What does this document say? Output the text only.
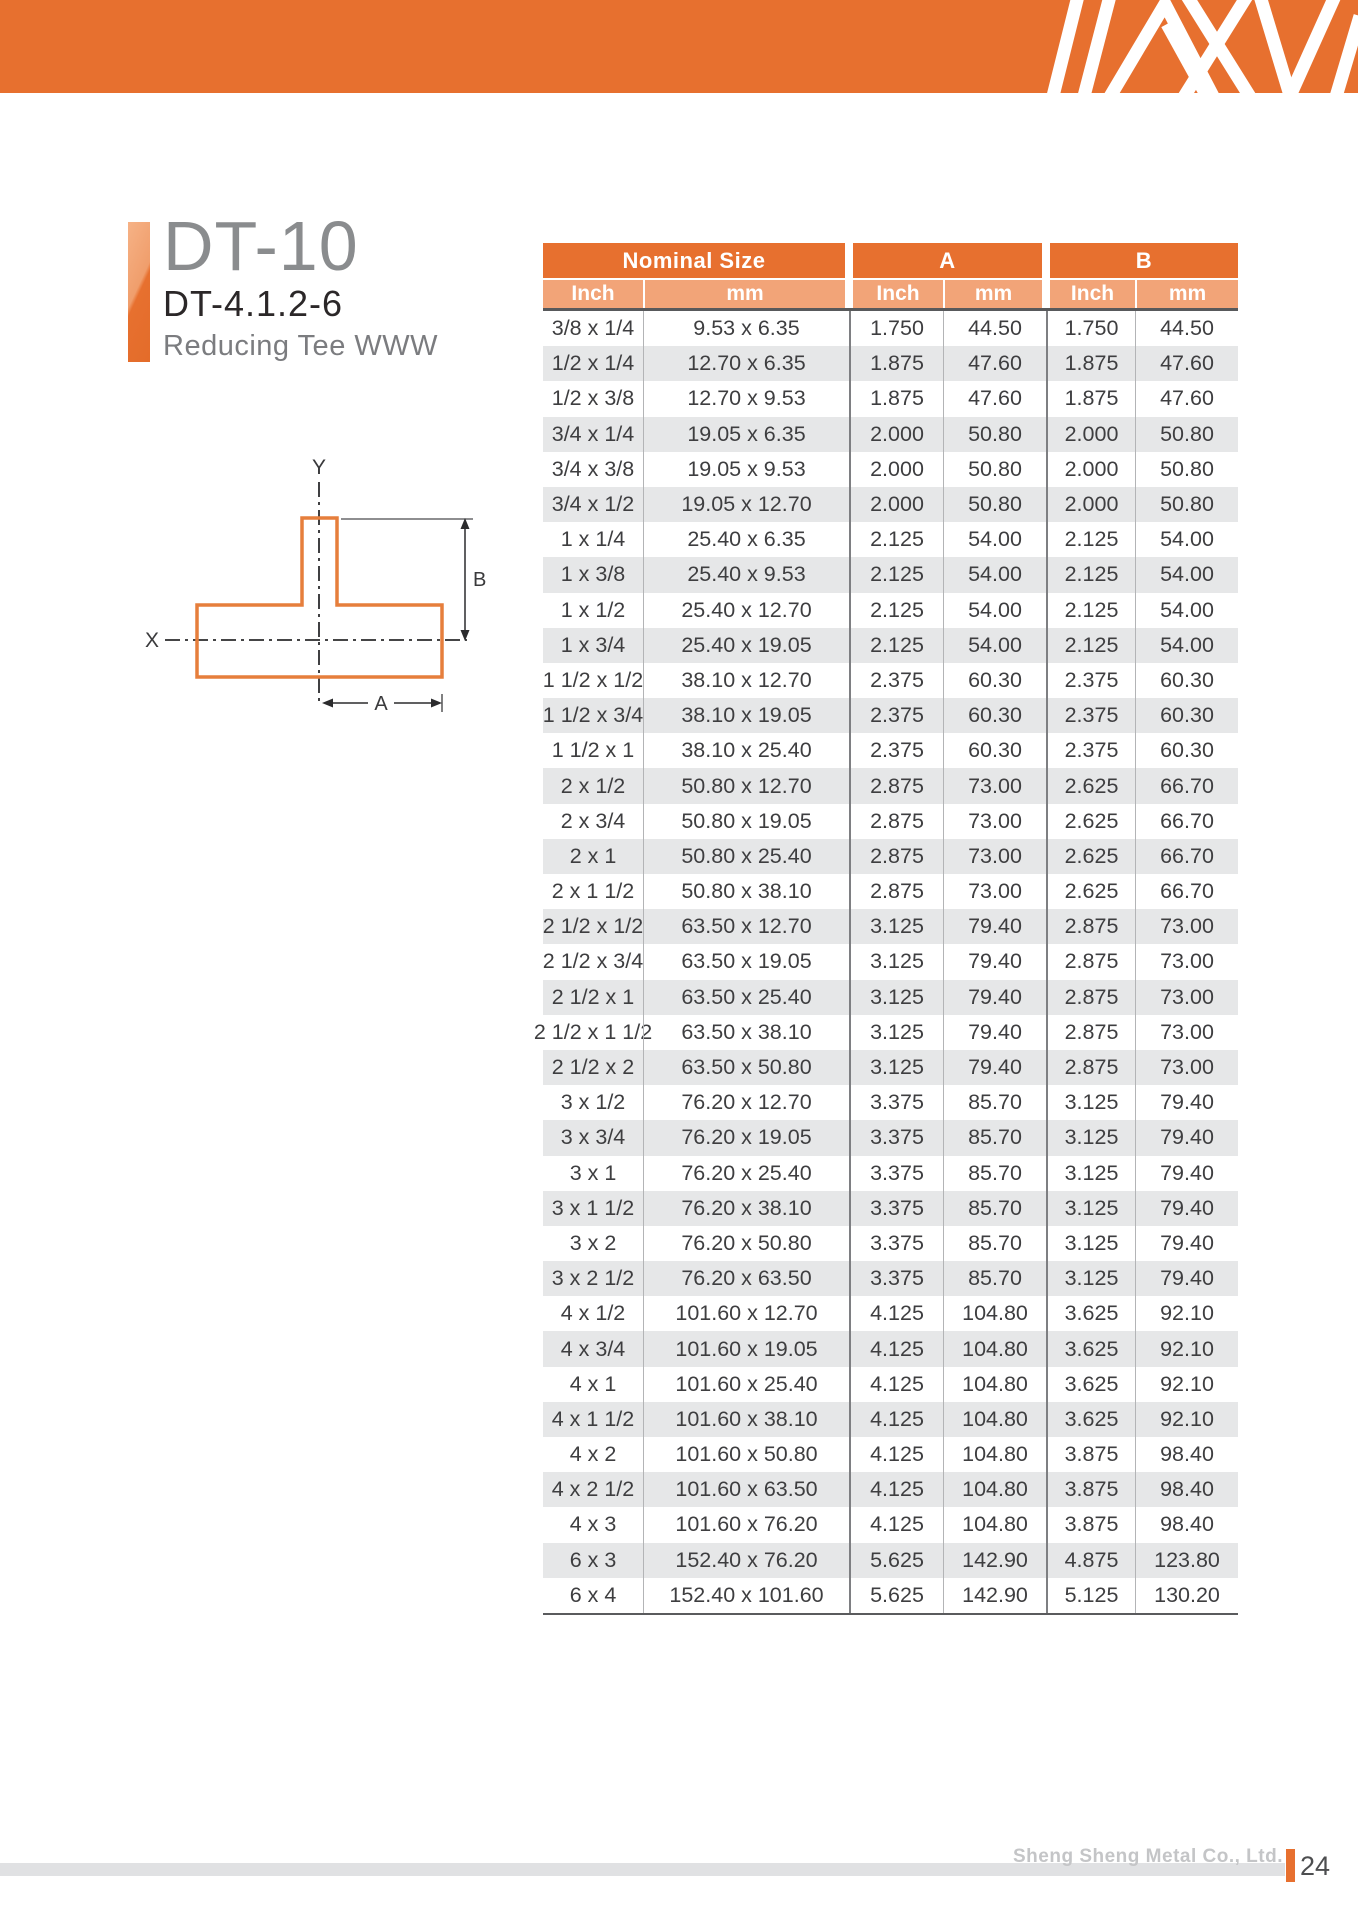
DT-10
DT-4.1.2-6
Reducing Tee WWW
Y
X
B
A
Nominal Size	A	B
Inch	mm	Inch	mm	Inch	mm
3/8 x 1/4	9.53 x 6.35	1.750	44.50	1.750	44.50
1/2 x 1/4	12.70 x 6.35	1.875	47.60	1.875	47.60
1/2 x 3/8	12.70 x 9.53	1.875	47.60	1.875	47.60
3/4 x 1/4	19.05 x 6.35	2.000	50.80	2.000	50.80
3/4 x 3/8	19.05 x 9.53	2.000	50.80	2.000	50.80
3/4 x 1/2	19.05 x 12.70	2.000	50.80	2.000	50.80
1 x 1/4	25.40 x 6.35	2.125	54.00	2.125	54.00
1 x 3/8	25.40 x 9.53	2.125	54.00	2.125	54.00
1 x 1/2	25.40 x 12.70	2.125	54.00	2.125	54.00
1 x 3/4	25.40 x 19.05	2.125	54.00	2.125	54.00
1 1/2 x 1/2	38.10 x 12.70	2.375	60.30	2.375	60.30
1 1/2 x 3/4	38.10 x 19.05	2.375	60.30	2.375	60.30
1 1/2 x 1	38.10 x 25.40	2.375	60.30	2.375	60.30
2 x 1/2	50.80 x 12.70	2.875	73.00	2.625	66.70
2 x 3/4	50.80 x 19.05	2.875	73.00	2.625	66.70
2 x 1	50.80 x 25.40	2.875	73.00	2.625	66.70
2 x 1 1/2	50.80 x 38.10	2.875	73.00	2.625	66.70
2 1/2 x 1/2	63.50 x 12.70	3.125	79.40	2.875	73.00
2 1/2 x 3/4	63.50 x 19.05	3.125	79.40	2.875	73.00
2 1/2 x 1	63.50 x 25.40	3.125	79.40	2.875	73.00
2 1/2 x 1 1/2	63.50 x 38.10	3.125	79.40	2.875	73.00
2 1/2 x 2	63.50 x 50.80	3.125	79.40	2.875	73.00
3 x 1/2	76.20 x 12.70	3.375	85.70	3.125	79.40
3 x 3/4	76.20 x 19.05	3.375	85.70	3.125	79.40
3 x 1	76.20 x 25.40	3.375	85.70	3.125	79.40
3 x 1 1/2	76.20 x 38.10	3.375	85.70	3.125	79.40
3 x 2	76.20 x 50.80	3.375	85.70	3.125	79.40
3 x 2 1/2	76.20 x 63.50	3.375	85.70	3.125	79.40
4 x 1/2	101.60 x 12.70	4.125	104.80	3.625	92.10
4 x 3/4	101.60 x 19.05	4.125	104.80	3.625	92.10
4 x 1	101.60 x 25.40	4.125	104.80	3.625	92.10
4 x 1 1/2	101.60 x 38.10	4.125	104.80	3.625	92.10
4 x 2	101.60 x 50.80	4.125	104.80	3.875	98.40
4 x 2 1/2	101.60 x 63.50	4.125	104.80	3.875	98.40
4 x 3	101.60 x 76.20	4.125	104.80	3.875	98.40
6 x 3	152.40 x 76.20	5.625	142.90	4.875	123.80
6 x 4	152.40 x 101.60	5.625	142.90	5.125	130.20
Sheng Sheng Metal Co., Ltd. 24
